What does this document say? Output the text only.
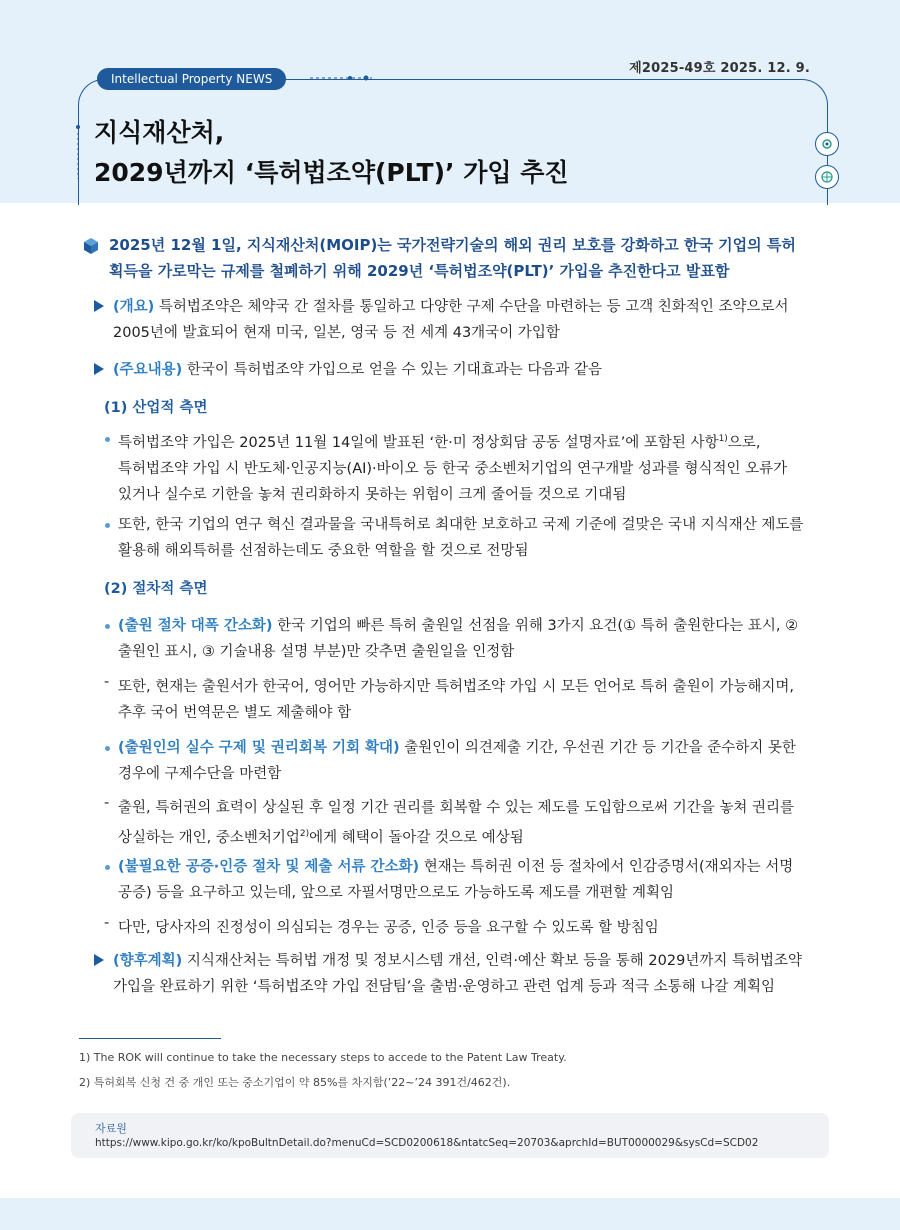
제2025-49호 2025. 12. 9.
Intellectual Property NEWS
지식재산처,
2029년까지 ‘특허법조약(PLT)’ 가입 추진
2025년 12월 1일, 지식재산처(MOIP)는 국가전략기술의 해외 권리 보호를 강화하고 한국 기업의 특허
획득을 가로막는 규제를 철폐하기 위해 2029년 ‘특허법조약(PLT)’ 가입을 추진한다고 발표함
(개요) 특허법조약은 체약국 간 절차를 통일하고 다양한 구제 수단을 마련하는 등 고객 친화적인 조약으로서
2005년에 발효되어 현재 미국, 일본, 영국 등 전 세계 43개국이 가입함
(주요내용) 한국이 특허법조약 가입으로 얻을 수 있는 기대효과는 다음과 같음
(1) 산업적 측면
특허법조약 가입은 2025년 11월 14일에 발표된 ‘한·미 정상회담 공동 설명자료’에 포함된 사항$^{1)}$으로,
특허법조약 가입 시 반도체·인공지능(AI)·바이오 등 한국 중소벤처기업의 연구개발 성과를 형식적인 오류가
있거나 실수로 기한을 놓쳐 권리화하지 못하는 위험이 크게 줄어들 것으로 기대됨
또한, 한국 기업의 연구 혁신 결과물을 국내특허로 최대한 보호하고 국제 기준에 걸맞은 국내 지식재산 제도를
활용해 해외특허를 선점하는데도 중요한 역할을 할 것으로 전망됨
(2) 절차적 측면
(출원 절차 대폭 간소화) 한국 기업의 빠른 특허 출원일 선점을 위해 3가지 요건(① 특허 출원한다는 표시, ②
출원인 표시, ③ 기술내용 설명 부분)만 갖추면 출원일을 인정함
- 또한, 현재는 출원서가 한국어, 영어만 가능하지만 특허법조약 가입 시 모든 언어로 특허 출원이 가능해지며,
추후 국어 번역문은 별도 제출해야 함
(출원인의 실수 구제 및 권리회복 기회 확대) 출원인이 의견제출 기간, 우선권 기간 등 기간을 준수하지 못한
경우에 구제수단을 마련함
- 출원, 특허권의 효력이 상실된 후 일정 기간 권리를 회복할 수 있는 제도를 도입함으로써 기간을 놓쳐 권리를
상실하는 개인, 중소벤처기업$^{2)}$에게 혜택이 돌아갈 것으로 예상됨
(불필요한 공증·인증 절차 및 제출 서류 간소화) 현재는 특허권 이전 등 절차에서 인감증명서(재외자는 서명
공증) 등을 요구하고 있는데, 앞으로 자필서명만으로도 가능하도록 제도를 개편할 계획임
- 다만, 당사자의 진정성이 의심되는 경우는 공증, 인증 등을 요구할 수 있도록 할 방침임
(향후계획) 지식재산처는 특허법 개정 및 정보시스템 개선, 인력·예산 확보 등을 통해 2029년까지 특허법조약
가입을 완료하기 위한 ‘특허법조약 가입 전담팀’을 출범·운영하고 관련 업계 등과 적극 소통해 나갈 계획임
1) The ROK will continue to take the necessary steps to accede to the Patent Law Treaty.
2) 특허회복 신청 건 중 개인 또는 중소기업이 약 85%를 차지함(’22~’24 391건/462건).
자료원
https://www.kipo.go.kr/ko/kpoBultnDetail.do?menuCd=SCD0200618&ntatcSeq=20703&aprchId=BUT0000029&sysCd=SCD02
